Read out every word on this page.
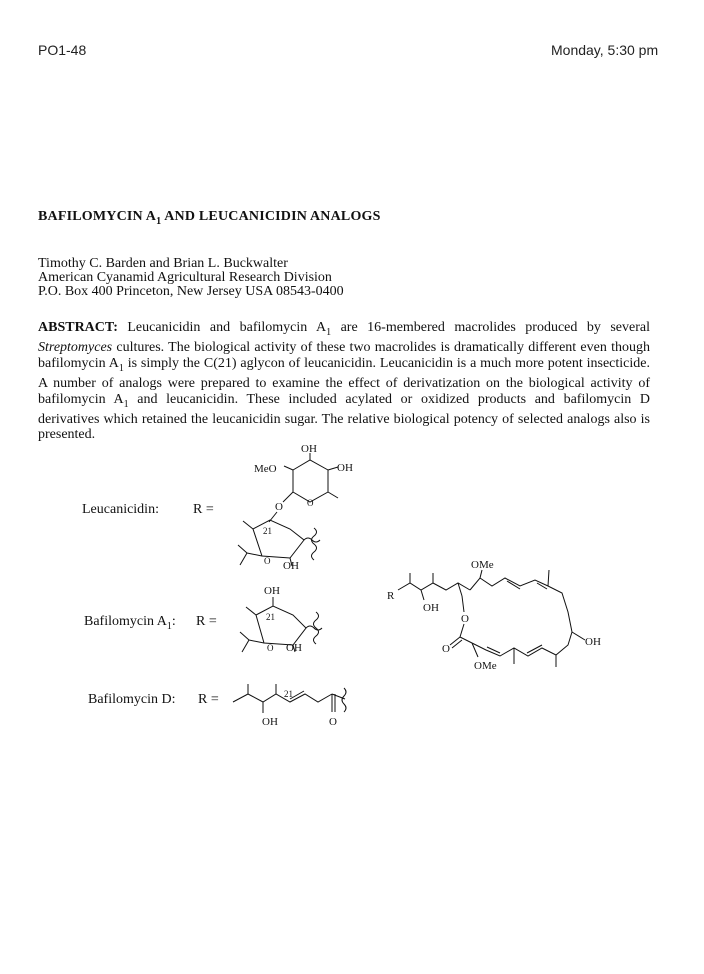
PO1-48	Monday, 5:30 pm
BAFILOMYCIN $A_1$ AND LEUCANICIDIN ANALOGS
Timothy C. Barden and Brian L. Buckwalter
American Cyanamid Agricultural Research Division
P.O. Box 400 Princeton, New Jersey USA 08543-0400
ABSTRACT: Leucanicidin and bafilomycin $A_1$ are 16-membered macrolides produced by several Streptomyces cultures. The biological activity of these two macrolides is dramatically different even though bafilomycin $A_1$ is simply the C(21) aglycon of leucanicidin. Leucanicidin is a much more potent insecticide. A number of analogs were prepared to examine the effect of derivatization on the biological activity of bafilomycin $A_1$ and leucanicidin. These included acylated or oxidized products and bafilomycin D derivatives which retained the leucanicidin sugar. The relative biological potency of selected analogs also is presented.
Leucanicidin: R =
Bafilomycin $A_1$: R =
Bafilomycin D: R =
OH
OH
MeO
O
O
21
O OH
OH
21
O OH
OH
21
O
R
OH
OMe
OH
OMe
O
O
